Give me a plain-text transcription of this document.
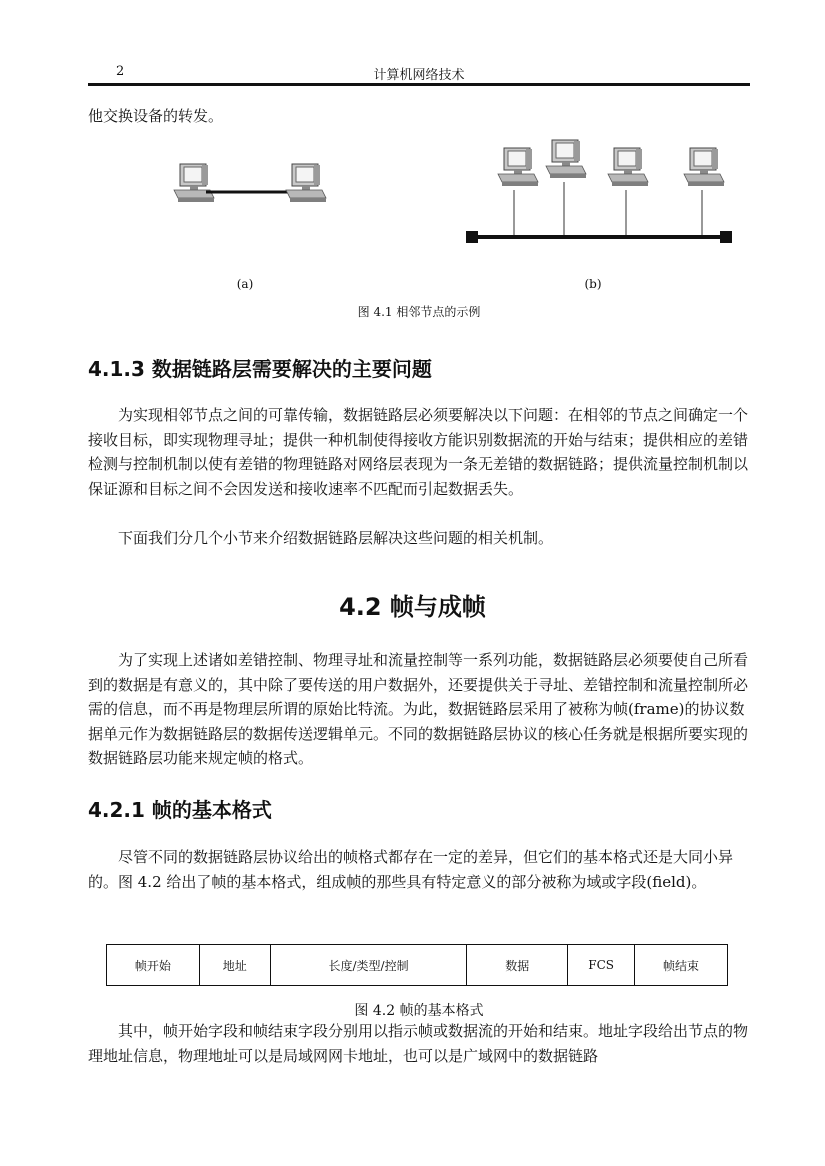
2	计算机网络技术

他交换设备的转发。

(a)	(b)
图 4.1 相邻节点的示例
4.1.3 数据链路层需要解决的主要问题

为实现相邻节点之间的可靠传输，数据链路层必须要解决以下问题：在相邻的节点之间确定一个接收目标，即实现物理寻址；提供一种机制使得接收方能识别数据流的开始与结束；提供相应的差错检测与控制机制以使有差错的物理链路对网络层表现为一条无差错的数据链路；提供流量控制机制以保证源和目标之间不会因发送和接收速率不匹配而引起数据丢失。

下面我们分几个小节来介绍数据链路层解决这些问题的相关机制。

4.2 帧与成帧

为了实现上述诸如差错控制、物理寻址和流量控制等一系列功能，数据链路层必须要使自己所看到的数据是有意义的，其中除了要传送的用户数据外，还要提供关于寻址、差错控制和流量控制所必需的信息，而不再是物理层所谓的原始比特流。为此，数据链路层采用了被称为帧(frame)的协议数据单元作为数据链路层的数据传送逻辑单元。不同的数据链路层协议的核心任务就是根据所要实现的数据链路层功能来规定帧的格式。

4.2.1 帧的基本格式

尽管不同的数据链路层协议给出的帧格式都存在一定的差异，但它们的基本格式还是大同小异的。图 4.2 给出了帧的基本格式，组成帧的那些具有特定意义的部分被称为域或字段(field)。

帧开始	地址	长度/类型/控制	数据	FCS	帧结束
图 4.2 帧的基本格式

其中，帧开始字段和帧结束字段分别用以指示帧或数据流的开始和结束。地址字段给出节点的物理地址信息，物理地址可以是局域网网卡地址，也可以是广域网中的数据链路
